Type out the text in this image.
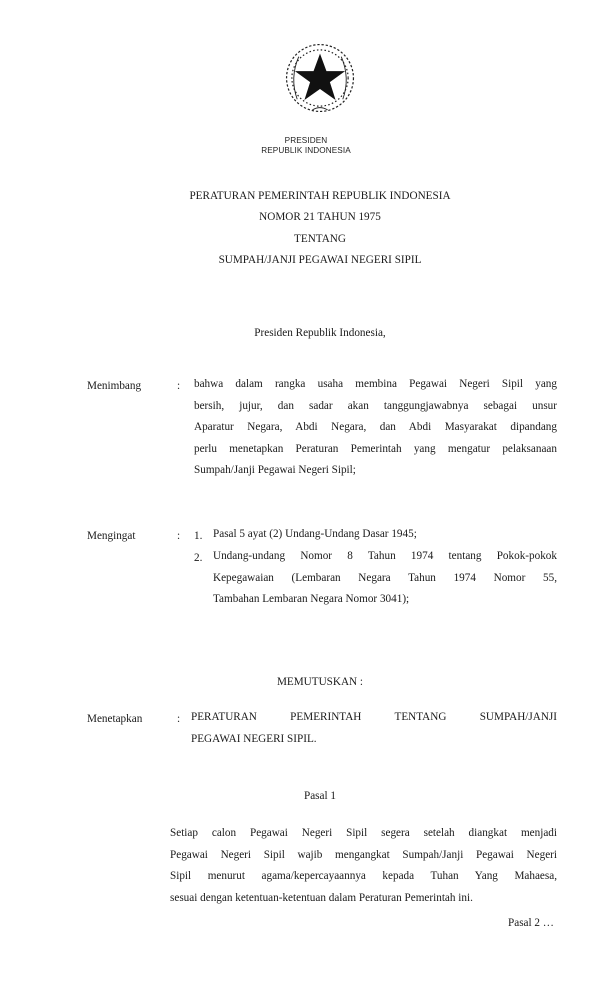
PRESIDEN
REPUBLIK INDONESIA
PERATURAN PEMERINTAH REPUBLIK INDONESIA
NOMOR 21 TAHUN 1975
TENTANG
SUMPAH/JANJI PEGAWAI NEGERI SIPIL
Presiden Republik Indonesia,
Menimbang	: bahwa dalam rangka usaha membina Pegawai Negeri Sipil yang
bersih, jujur, dan sadar akan tanggungjawabnya sebagai unsur
Aparatur Negara, Abdi Negara, dan Abdi Masyarakat dipandang
perlu menetapkan Peraturan Pemerintah yang mengatur pelaksanaan
Sumpah/Janji Pegawai Negeri Sipil;
Mengingat	: 1. Pasal 5 ayat (2) Undang-Undang Dasar 1945;
2. Undang-undang Nomor 8 Tahun 1974 tentang Pokok-pokok
Kepegawaian (Lembaran Negara Tahun 1974 Nomor 55,
Tambahan Lembaran Negara Nomor 3041);
MEMUTUSKAN :
Menetapkan	: PERATURAN PEMERINTAH TENTANG SUMPAH/JANJI
PEGAWAI NEGERI SIPIL.
Pasal 1
Setiap calon Pegawai Negeri Sipil segera setelah diangkat menjadi
Pegawai Negeri Sipil wajib mengangkat Sumpah/Janji Pegawai Negeri
Sipil menurut agama/kepercayaannya kepada Tuhan Yang Mahaesa,
sesuai dengan ketentuan-ketentuan dalam Peraturan Pemerintah ini.
Pasal 2 …
